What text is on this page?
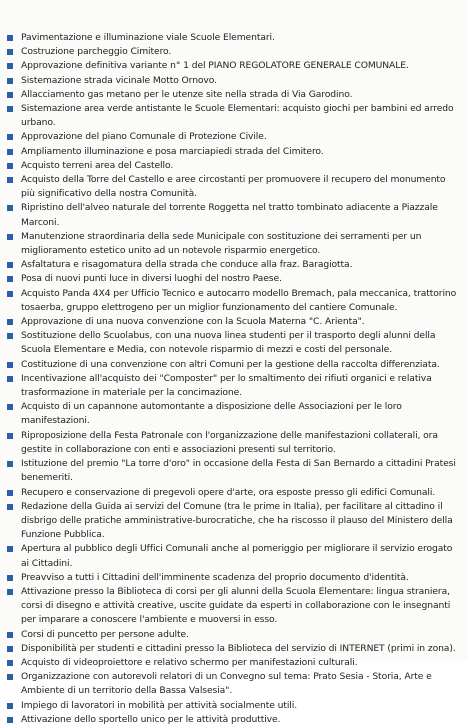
Pavimentazione e illuminazione viale Scuole Elementari.
Costruzione parcheggio Cimitero.
Approvazione definitiva variante n° 1 del PIANO REGOLATORE GENERALE COMUNALE.
Sistemazione strada vicinale Motto Ornovo.
Allacciamento gas metano per le utenze site nella strada di Via Garodino.
Sistemazione area verde antistante le Scuole Elementari: acquisto giochi per bambini ed arredo urbano.
Approvazione del piano Comunale di Protezione Civile.
Ampliamento illuminazione e posa marciapiedi strada del Cimitero.
Acquisto terreni area del Castello.
Acquisto della Torre del Castello e aree circostanti per promuovere il recupero del monumento più significativo della nostra Comunità.
Ripristino dell'alveo naturale del torrente Roggetta nel tratto tombinato adiacente a Piazzale Marconi.
Manutenzione straordinaria della sede Municipale con sostituzione dei serramenti per un miglioramento estetico unito ad un notevole risparmio energetico.
Asfaltatura e risagomatura della strada che conduce alla fraz. Baragiotta.
Posa di nuovi punti luce in diversi luoghi del nostro Paese.
Acquisto Panda 4X4 per Ufficio Tecnico e autocarro modello Bremach, pala meccanica, trattorino tosaerba, gruppo elettrogeno per un miglior funzionamento del cantiere Comunale.
Approvazione di una nuova convenzione con la Scuola Materna "C. Arienta".
Sostituzione dello Scuolabus, con una nuova linea studenti per il trasporto degli alunni della Scuola Elementare e Media, con notevole risparmio di mezzi e costi del personale.
Costituzione di una convenzione con altri Comuni per la gestione della raccolta differenziata.
Incentivazione all'acquisto dei "Composter" per lo smaltimento dei rifiuti organici e relativa trasformazione in materiale per la concimazione.
Acquisto di un capannone automontante a disposizione delle Associazioni per le loro manifestazioni.
Riproposizione della Festa Patronale con l'organizzazione delle manifestazioni collaterali, ora gestite in collaborazione con enti e associazioni presenti sul territorio.
Istituzione del premio "La torre d'oro" in occasione della Festa di San Bernardo a cittadini Pratesi benemeriti.
Recupero e conservazione di pregevoli opere d'arte, ora esposte presso gli edifici Comunali.
Redazione della Guida ai servizi del Comune (tra le prime in Italia), per facilitare al cittadino il disbrigo delle pratiche amministrative-burocratiche, che ha riscosso il plauso del Ministero della Funzione Pubblica.
Apertura al pubblico degli Uffici Comunali anche al pomeriggio per migliorare il servizio erogato ai Cittadini.
Preavviso a tutti i Cittadini dell'imminente scadenza del proprio documento d'identità.
Attivazione presso la Biblioteca di corsi per gli alunni della Scuola Elementare: lingua straniera, corsi di disegno e attività creative, uscite guidate da esperti in collaborazione con le insegnanti per imparare a conoscere l'ambiente e muoversi in esso.
Corsi di puncetto per persone adulte.
Disponibilità per studenti e cittadini presso la Biblioteca del servizio di INTERNET (primi in zona).
Acquisto di videoproiettore e relativo schermo per manifestazioni culturali.
Organizzazione con autorevoli relatori di un Convegno sul tema: Prato Sesia - Storia, Arte e Ambiente di un territorio della Bassa Valsesia".
Impiego di lavoratori in mobilità per attività socialmente utili.
Attivazione dello sportello unico per le attività produttive.
